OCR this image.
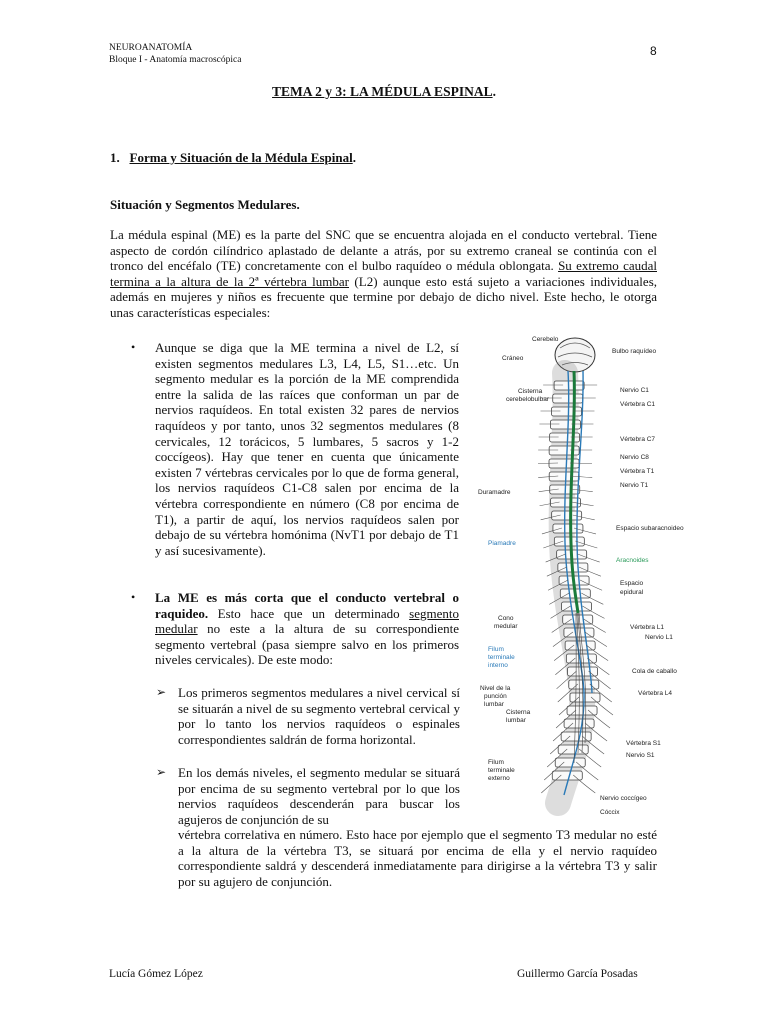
NEUROANATOMÍA
Bloque I - Anatomía macroscópica
8
TEMA 2 y 3: LA MÉDULA ESPINAL.
1. Forma y Situación de la Médula Espinal.
Situación y Segmentos Medulares.
La médula espinal (ME) es la parte del SNC que se encuentra alojada en el conducto vertebral. Tiene aspecto de cordón cilíndrico aplastado de delante a atrás, por su extremo craneal se continúa con el tronco del encéfalo (TE) concretamente con el bulbo raquídeo o médula oblongata. Su extremo caudal termina a la altura de la 2ª vértebra lumbar (L2) aunque esto está sujeto a variaciones individuales, además en mujeres y niños es frecuente que termine por debajo de dicho nivel. Este hecho, le otorga unas características especiales:
• Aunque se diga que la ME termina a nivel de L2, sí existen segmentos medulares L3, L4, L5, S1…etc. Un segmento medular es la porción de la ME comprendida entre la salida de las raíces que conforman un par de nervios raquídeos. En total existen 32 pares de nervios raquídeos y por tanto, unos 32 segmentos medulares (8 cervicales, 12 torácicos, 5 lumbares, 5 sacros y 1-2 coccígeos). Hay que tener en cuenta que únicamente existen 7 vértebras cervicales por lo que de forma general, los nervios raquídeos C1-C8 salen por encima de la vértebra correspondiente en número (C8 por encima de T1), a partir de aquí, los nervios raquídeos salen por debajo de su vértebra homónima (NvT1 por debajo de T1 y así sucesivamente).
• La ME es más corta que el conducto vertebral o raquideo. Esto hace que un determinado segmento medular no este a la altura de su correspondiente segmento vertebral (pasa siempre salvo en los primeros niveles cervicales). De este modo:
➢ Los primeros segmentos medulares a nivel cervical sí se situarán a nivel de su segmento vertebral cervical y por lo tanto los nervios raquídeos o espinales correspondientes saldrán de forma horizontal.
➢ En los demás niveles, el segmento medular se situará por encima de su segmento vertebral por lo que los nervios raquídeos descenderán para buscar los agujeros de conjunción de su
vértebra correlativa en número. Esto hace por ejemplo que el segmento T3 medular no esté a la altura de la vértebra T3, se situará por encima de ella y el nervio raquídeo correspondiente saldrá y descenderá inmediatamente para dirigirse a la vértebra T3 y salir por su agujero de conjunción.
Cerebelo
Cráneo
Cisterna
cerebelobulbar
Duramadre
Piamadre
Cono
medular
Filum
terminale
interno
Nivel de la
punción
lumbar
Cisterna
lumbar
Filum
terminale
externo
Bulbo raquídeo
Nervio C1
Vértebra C1
Vértebra C7
Nervio C8
Vértebra T1
Nervio T1
Espacio subaracnoideo
Aracnoides
Espacio
epidural
Vértebra L1
Nervio L1
Cola de caballo
Vértebra L4
Vértebra S1
Nervio S1
Nervio coccígeo
Cóccix
Lucía Gómez López	Guillermo García Posadas
